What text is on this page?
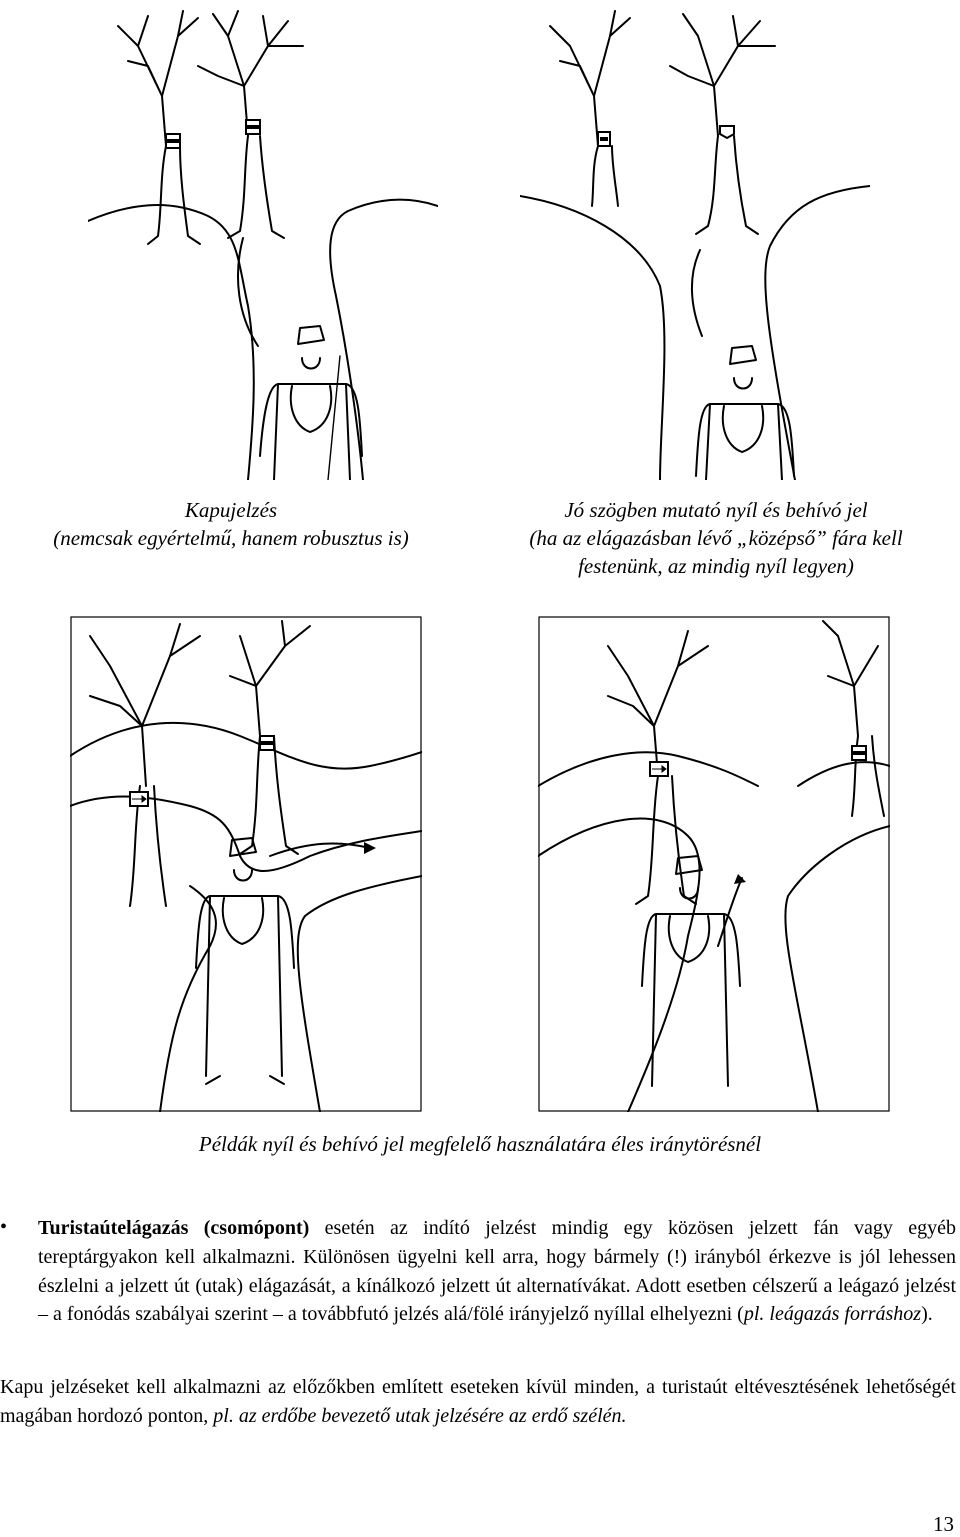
Kapujelzés
(nemcsak egyértelmű, hanem robusztus is)
Jó szögben mutató nyíl és behívó jel
(ha az elágazásban lévő „középső” fára kell
festenünk, az mindig nyíl legyen)
Példák nyíl és behívó jel megfelelő használatára éles iránytörésnél
• Turistaútelágazás (csomópont) esetén az indító jelzést mindig egy közösen jelzett fán vagy egyéb tereptárgyakon kell alkalmazni. Különösen ügyelni kell arra, hogy bármely (!) irányból érkezve is jól lehessen észlelni a jelzett út (utak) elágazását, a kínálkozó jelzett út alternatívákat. Adott esetben célszerű a leágazó jelzést – a fonódás szabályai szerint – a továbbfutó jelzés alá/fölé irányjelző nyíllal elhelyezni (pl. leágazás forráshoz).

Kapu jelzéseket kell alkalmazni az előzőkben említett eseteken kívül minden, a turistaút eltévesztésének lehetőségét magában hordozó ponton, pl. az erdőbe bevezető utak jelzésére az erdő szélén.

13
